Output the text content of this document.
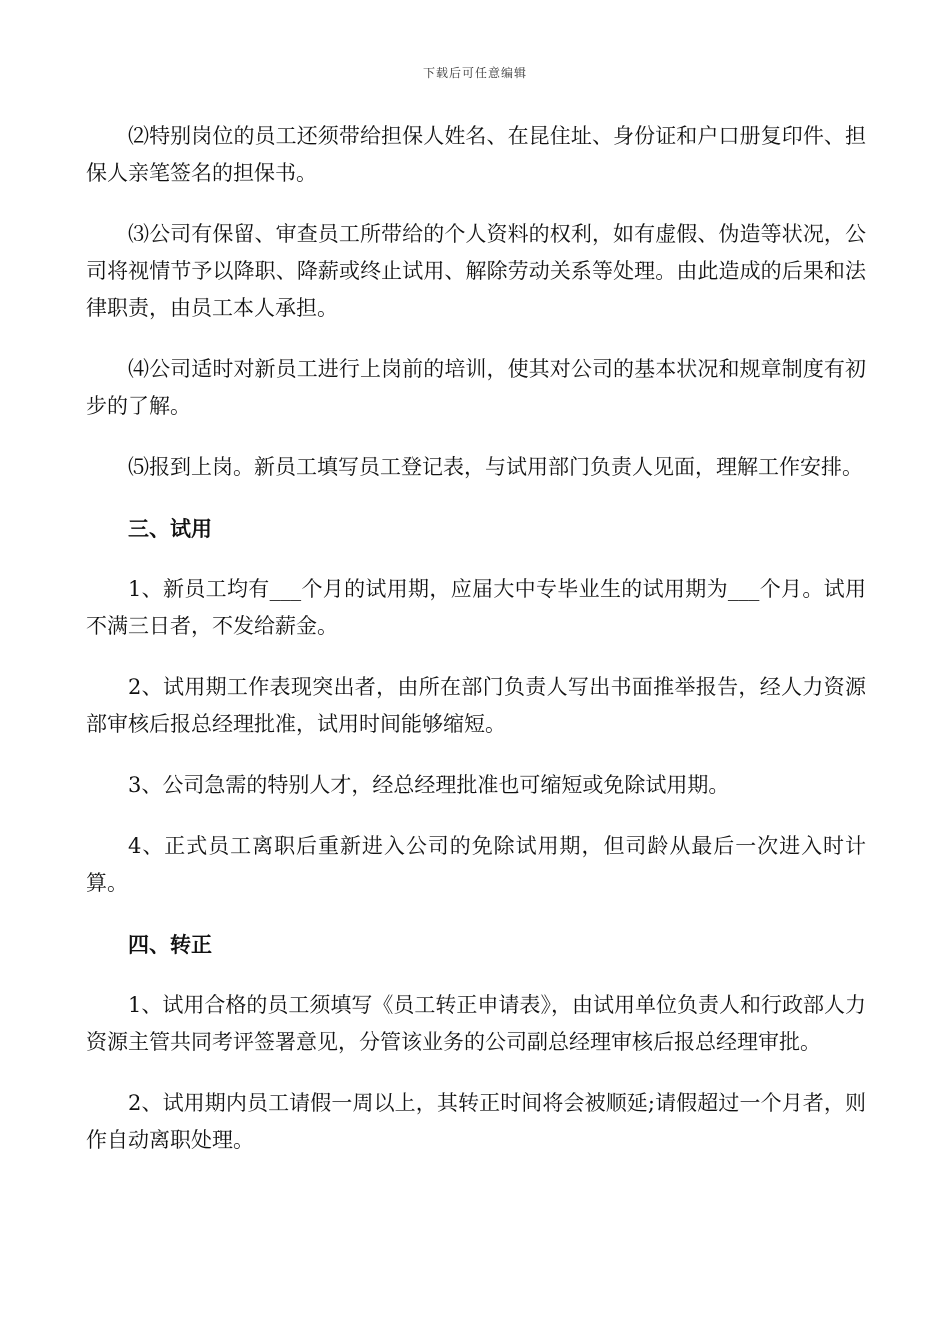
下载后可任意编辑

⑵特别岗位的员工还须带给担保人姓名、在昆住址、身份证和户口册复印件、担保人亲笔签名的担保书。

⑶公司有保留、审查员工所带给的个人资料的权利，如有虚假、伪造等状况，公司将视情节予以降职、降薪或终止试用、解除劳动关系等处理。由此造成的后果和法律职责，由员工本人承担。

⑷公司适时对新员工进行上岗前的培训，使其对公司的基本状况和规章制度有初步的了解。

⑸报到上岗。新员工填写员工登记表，与试用部门负责人见面，理解工作安排。

三、试用

1、新员工均有___个月的试用期，应届大中专毕业生的试用期为___个月。试用不满三日者，不发给薪金。

2、试用期工作表现突出者，由所在部门负责人写出书面推举报告，经人力资源部审核后报总经理批准，试用时间能够缩短。

3、公司急需的特别人才，经总经理批准也可缩短或免除试用期。

4、正式员工离职后重新进入公司的免除试用期，但司龄从最后一次进入时计算。

四、转正

1、试用合格的员工须填写《员工转正申请表》，由试用单位负责人和行政部人力资源主管共同考评签署意见，分管该业务的公司副总经理审核后报总经理审批。

2、试用期内员工请假一周以上，其转正时间将会被顺延;请假超过一个月者，则作自动离职处理。
